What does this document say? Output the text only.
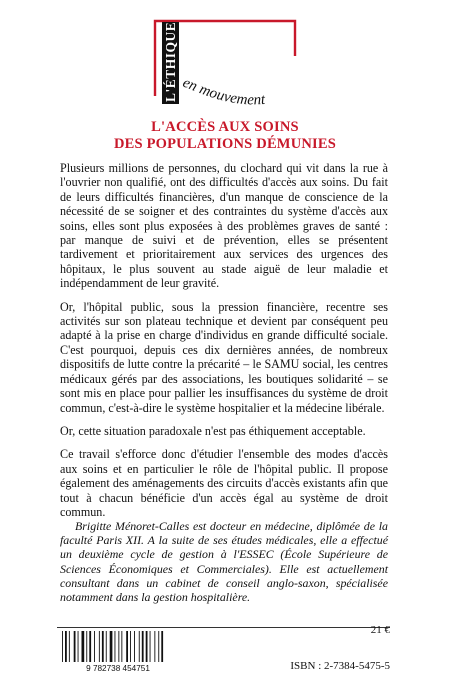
L'ÉTHIQUE en mouvement
L'ACCÈS AUX SOINS
DES POPULATIONS DÉMUNIES

Plusieurs millions de personnes, du clochard qui vit dans la rue à l'ouvrier non qualifié, ont des difficultés d'accès aux soins. Du fait de leurs difficultés financières, d'un manque de conscience de la nécessité de se soigner et des contraintes du système d'accès aux soins, elles sont plus exposées à des problèmes graves de santé : par manque de suivi et de prévention, elles se présentent tardivement et prioritairement aux services des urgences des hôpitaux, le plus souvent au stade aiguë de leur maladie et indépendamment de leur gravité.

Or, l'hôpital public, sous la pression financière, recentre ses activités sur son plateau technique et devient par conséquent peu adapté à la prise en charge d'individus en grande difficulté sociale. C'est pourquoi, depuis ces dix dernières années, de nombreux dispositifs de lutte contre la précarité – le SAMU social, les centres médicaux gérés par des associations, les boutiques solidarité – se sont mis en place pour pallier les insuffisances du système de droit commun, c'est-à-dire le système hospitalier et la médecine libérale.

Or, cette situation paradoxale n'est pas éthiquement acceptable.

Ce travail s'efforce donc d'étudier l'ensemble des modes d'accès aux soins et en particulier le rôle de l'hôpital public. Il propose également des aménagements des circuits d'accès existants afin que tout à chacun bénéficie d'un accès égal au système de droit commun.

Brigitte Ménoret-Calles est docteur en médecine, diplômée de la faculté Paris XII. A la suite de ses études médicales, elle a effectué un deuxième cycle de gestion à l'ESSEC (École Supérieure de Sciences Économiques et Commerciales). Elle est actuellement consultant dans un cabinet de conseil anglo-saxon, spécialisée notamment dans la gestion hospitalière.

9 782738 454751
21 €
ISBN : 2-7384-5475-5
